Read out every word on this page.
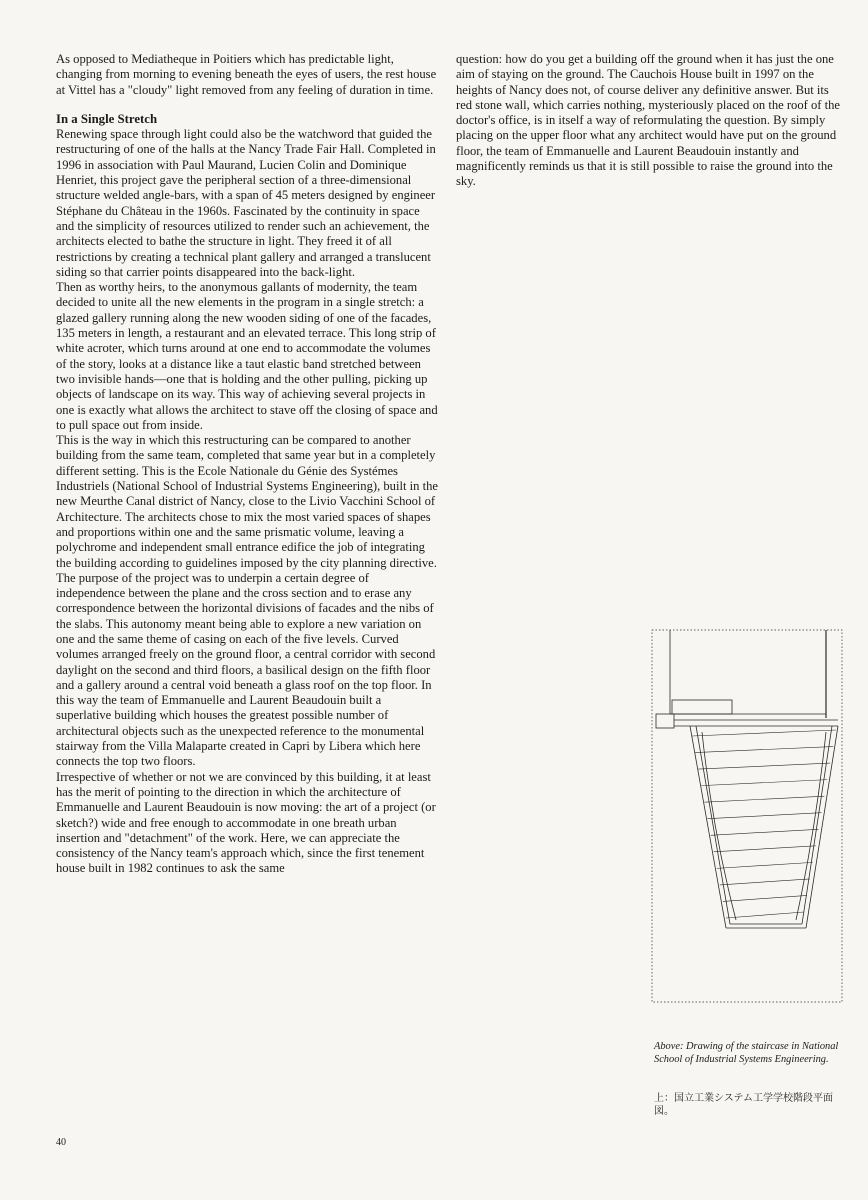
As opposed to Mediatheque in Poitiers which has predictable light, changing from morning to evening beneath the eyes of users, the rest house at Vittel has a "cloudy" light removed from any feeling of duration in time.

In a Single Stretch

Renewing space through light could also be the watchword that guided the restructuring of one of the halls at the Nancy Trade Fair Hall. Completed in 1996 in association with Paul Maurand, Lucien Colin and Dominique Henriet, this project gave the peripheral section of a three-dimensional structure welded angle-bars, with a span of 45 meters designed by engineer Stéphane du Château in the 1960s. Fascinated by the continuity in space and the simplicity of resources utilized to render such an achievement, the architects elected to bathe the structure in light. They freed it of all restrictions by creating a technical plant gallery and arranged a translucent siding so that carrier points disappeared into the back-light.

Then as worthy heirs, to the anonymous gallants of modernity, the team decided to unite all the new elements in the program in a single stretch: a glazed gallery running along the new wooden siding of one of the facades, 135 meters in length, a restaurant and an elevated terrace. This long strip of white acroter, which turns around at one end to accommodate the volumes of the story, looks at a distance like a taut elastic band stretched between two invisible hands—one that is holding and the other pulling, picking up objects of landscape on its way. This way of achieving several projects in one is exactly what allows the architect to stave off the closing of space and to pull space out from inside.

This is the way in which this restructuring can be compared to another building from the same team, completed that same year but in a completely different setting. This is the Ecole Nationale du Génie des Systémes Industriels (National School of Industrial Systems Engineering), built in the new Meurthe Canal district of Nancy, close to the Livio Vacchini School of Architecture. The architects chose to mix the most varied spaces of shapes and proportions within one and the same prismatic volume, leaving a polychrome and independent small entrance edifice the job of integrating the building according to guidelines imposed by the city planning directive. The purpose of the project was to underpin a certain degree of independence between the plane and the cross section and to erase any correspondence between the horizontal divisions of facades and the nibs of the slabs. This autonomy meant being able to explore a new variation on one and the same theme of casing on each of the five levels. Curved volumes arranged freely on the ground floor, a central corridor with second daylight on the second and third floors, a basilical design on the fifth floor and a gallery around a central void beneath a glass roof on the top floor. In this way the team of Emmanuelle and Laurent Beaudouin built a superlative building which houses the greatest possible number of architectural objects such as the unexpected reference to the monumental stairway from the Villa Malaparte created in Capri by Libera which here connects the top two floors.

Irrespective of whether or not we are convinced by this building, it at least has the merit of pointing to the direction in which the architecture of Emmanuelle and Laurent Beaudouin is now moving: the art of a project (or sketch?) wide and free enough to accommodate in one breath urban insertion and "detachment" of the work. Here, we can appreciate the consistency of the Nancy team's approach which, since the first tenement house built in 1982 continues to ask the same

question: how do you get a building off the ground when it has just the one aim of staying on the ground. The Cauchois House built in 1997 on the heights of Nancy does not, of course deliver any definitive answer. But its red stone wall, which carries nothing, mysteriously placed on the roof of the doctor's office, is in itself a way of reformulating the question. By simply placing on the upper floor what any architect would have put on the ground floor, the team of Emmanuelle and Laurent Beaudouin instantly and magnificently reminds us that it is still possible to raise the ground into the sky.

Above: Drawing of the staircase in National School of Industrial Systems Engineering.
上：国立工業システム工学学校階段平面図。
40
